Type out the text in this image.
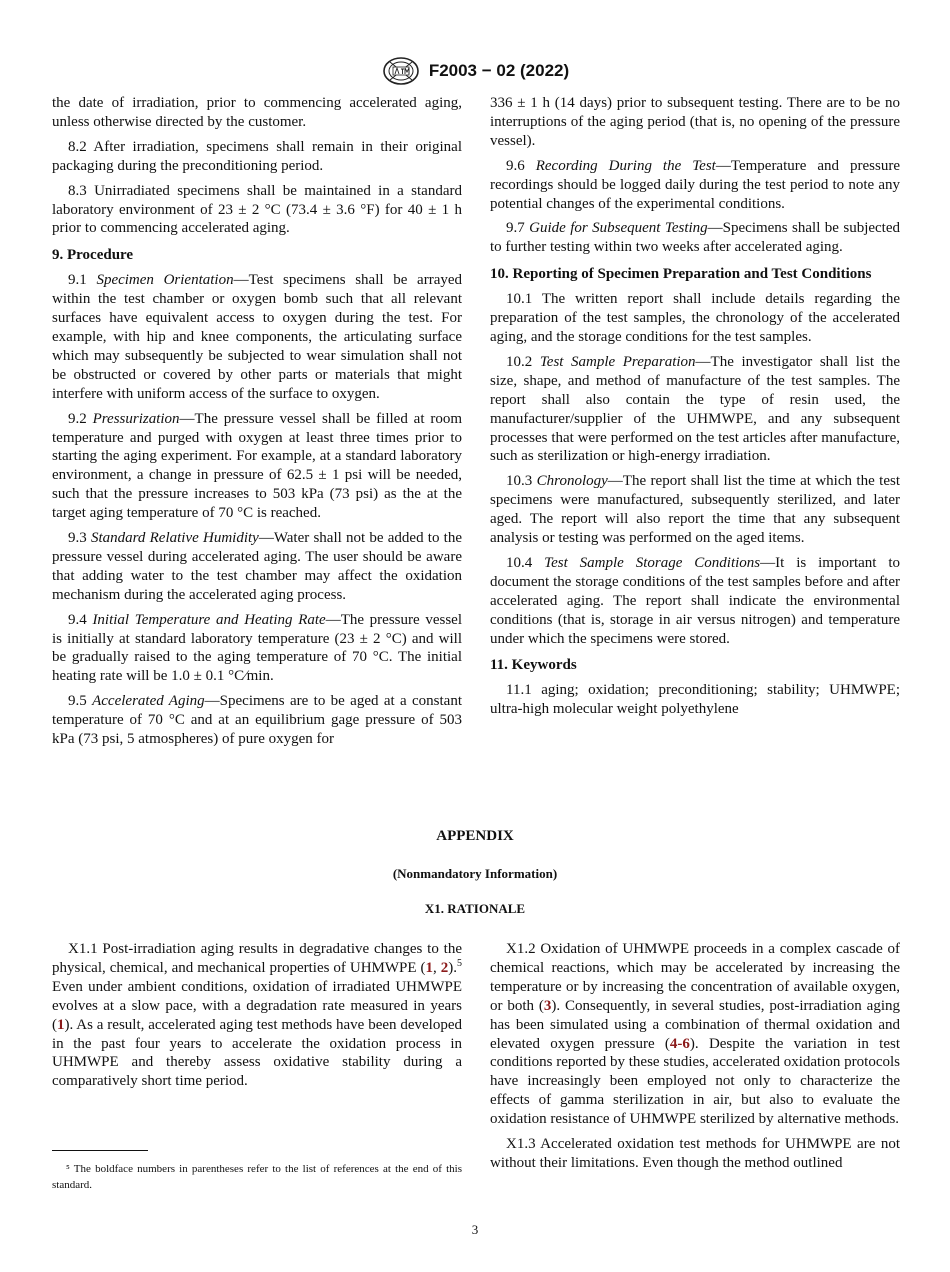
F2003 − 02 (2022)

the date of irradiation, prior to commencing accelerated aging, unless otherwise directed by the customer.

8.2 After irradiation, specimens shall remain in their original packaging during the preconditioning period.

8.3 Unirradiated specimens shall be maintained in a standard laboratory environment of 23 ± 2 °C (73.4 ± 3.6 °F) for 40 ± 1 h prior to commencing accelerated aging.

9. Procedure

9.1 Specimen Orientation—Test specimens shall be arrayed within the test chamber or oxygen bomb such that all relevant surfaces have equivalent access to oxygen during the test. For example, with hip and knee components, the articulating surface which may subsequently be subjected to wear simulation shall not be obstructed or covered by other parts or materials that might interfere with uniform access of the surface to oxygen.

9.2 Pressurization—The pressure vessel shall be filled at room temperature and purged with oxygen at least three times prior to starting the aging experiment. For example, at a standard laboratory environment, a change in pressure of 62.5 ± 1 psi will be needed, such that the pressure increases to 503 kPa (73 psi) as the at the target aging temperature of 70 °C is reached.

9.3 Standard Relative Humidity—Water shall not be added to the pressure vessel during accelerated aging. The user should be aware that adding water to the test chamber may affect the oxidation mechanism during the accelerated aging process.

9.4 Initial Temperature and Heating Rate—The pressure vessel is initially at standard laboratory temperature (23 ± 2 °C) and will be gradually raised to the aging temperature of 70 °C. The initial heating rate will be 1.0 ± 0.1 °C⁄min.

9.5 Accelerated Aging—Specimens are to be aged at a constant temperature of 70 °C and at an equilibrium gage pressure of 503 kPa (73 psi, 5 atmospheres) of pure oxygen for

336 ± 1 h (14 days) prior to subsequent testing. There are to be no interruptions of the aging period (that is, no opening of the pressure vessel).

9.6 Recording During the Test—Temperature and pressure recordings should be logged daily during the test period to note any potential changes of the experimental conditions.

9.7 Guide for Subsequent Testing—Specimens shall be subjected to further testing within two weeks after accelerated aging.

10. Reporting of Specimen Preparation and Test Conditions

10.1 The written report shall include details regarding the preparation of the test samples, the chronology of the accelerated aging, and the storage conditions for the test samples.

10.2 Test Sample Preparation—The investigator shall list the size, shape, and method of manufacture of the test samples. The report shall also contain the type of resin used, the manufacturer/supplier of the UHMWPE, and any subsequent processes that were performed on the test articles after manufacture, such as sterilization or high-energy irradiation.

10.3 Chronology—The report shall list the time at which the test specimens were manufactured, subsequently sterilized, and later aged. The report will also report the time that any subsequent analysis or testing was performed on the aged items.

10.4 Test Sample Storage Conditions—It is important to document the storage conditions of the test samples before and after accelerated aging. The report shall indicate the environmental conditions (that is, storage in air versus nitrogen) and temperature under which the specimens were stored.

11. Keywords

11.1 aging; oxidation; preconditioning; stability; UHMWPE; ultra-high molecular weight polyethylene

APPENDIX
(Nonmandatory Information)
X1. RATIONALE

X1.1 Post-irradiation aging results in degradative changes to the physical, chemical, and mechanical properties of UHMWPE (1, 2).$^5$ Even under ambient conditions, oxidation of irradiated UHMWPE evolves at a slow pace, with a degradation rate measured in years (1). As a result, accelerated aging test methods have been developed in the past four years to accelerate the oxidation process in UHMWPE and thereby assess oxidative stability during a comparatively short time period.

X1.2 Oxidation of UHMWPE proceeds in a complex cascade of chemical reactions, which may be accelerated by increasing the temperature or by increasing the concentration of available oxygen, or both (3). Consequently, in several studies, post-irradiation aging has been simulated using a combination of thermal oxidation and elevated oxygen pressure (4-6). Despite the variation in test conditions reported by these studies, accelerated oxidation protocols have increasingly been employed not only to characterize the effects of gamma sterilization in air, but also to evaluate the oxidation resistance of UHMWPE sterilized by alternative methods.

X1.3 Accelerated oxidation test methods for UHMWPE are not without their limitations. Even though the method outlined

⁵ The boldface numbers in parentheses refer to the list of references at the end of this standard.
3
